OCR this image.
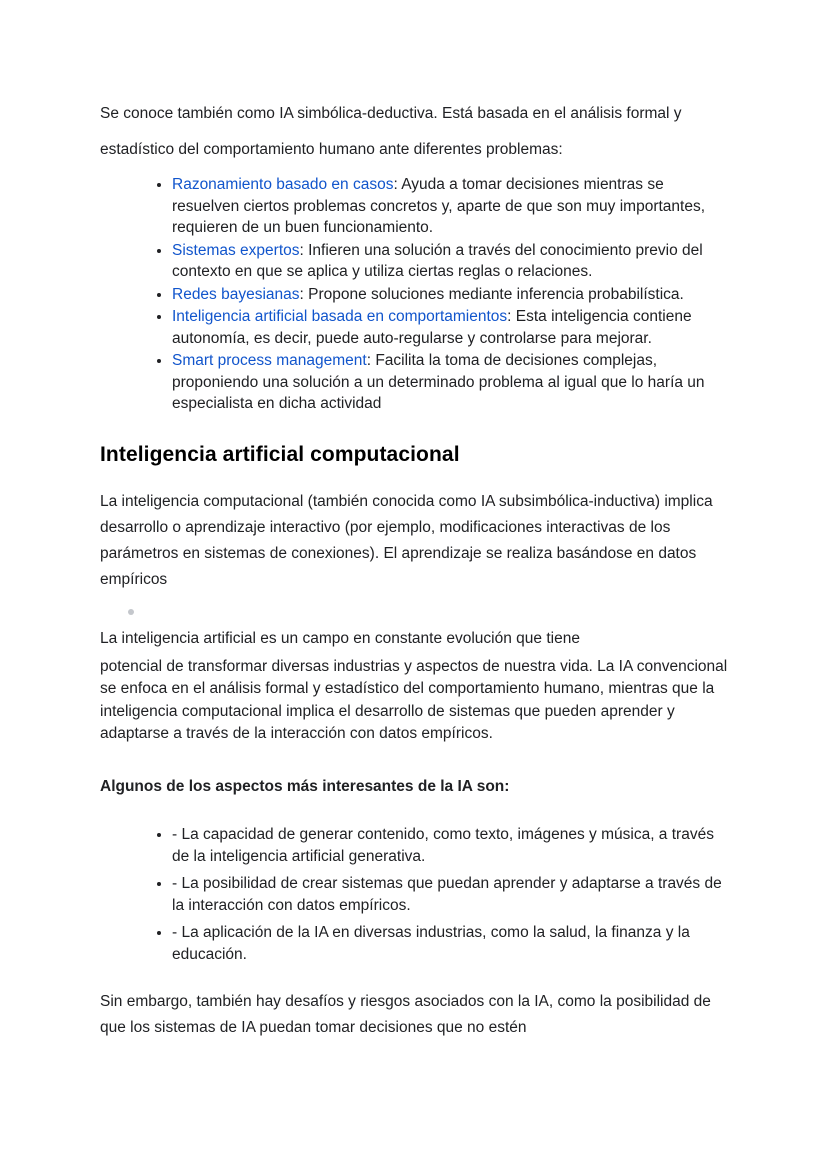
Se conoce también como IA simbólica-deductiva. Está basada en el análisis formal y estadístico del comportamiento humano ante diferentes problemas:

• Razonamiento basado en casos: Ayuda a tomar decisiones mientras se resuelven ciertos problemas concretos y, aparte de que son muy importantes, requieren de un buen funcionamiento.
• Sistemas expertos: Infieren una solución a través del conocimiento previo del contexto en que se aplica y utiliza ciertas reglas o relaciones.
• Redes bayesianas: Propone soluciones mediante inferencia probabilística.
• Inteligencia artificial basada en comportamientos: Esta inteligencia contiene autonomía, es decir, puede auto-regularse y controlarse para mejorar.
• Smart process management: Facilita la toma de decisiones complejas, proponiendo una solución a un determinado problema al igual que lo haría un especialista en dicha actividad
Inteligencia artificial computacional

La inteligencia computacional (también conocida como IA subsimbólica-inductiva) implica desarrollo o aprendizaje interactivo (por ejemplo, modificaciones interactivas de los parámetros en sistemas de conexiones). El aprendizaje se realiza basándose en datos empíricos

La inteligencia artificial es un campo en constante evolución que tiene

potencial de transformar diversas industrias y aspectos de nuestra vida. La IA convencional se enfoca en el análisis formal y estadístico del comportamiento humano, mientras que la inteligencia computacional implica el desarrollo de sistemas que pueden aprender y adaptarse a través de la interacción con datos empíricos.

Algunos de los aspectos más interesantes de la IA son:

• - La capacidad de generar contenido, como texto, imágenes y música, a través de la inteligencia artificial generativa.
• - La posibilidad de crear sistemas que puedan aprender y adaptarse a través de la interacción con datos empíricos.
• - La aplicación de la IA en diversas industrias, como la salud, la finanza y la educación.

Sin embargo, también hay desafíos y riesgos asociados con la IA, como la posibilidad de que los sistemas de IA puedan tomar decisiones que no estén
